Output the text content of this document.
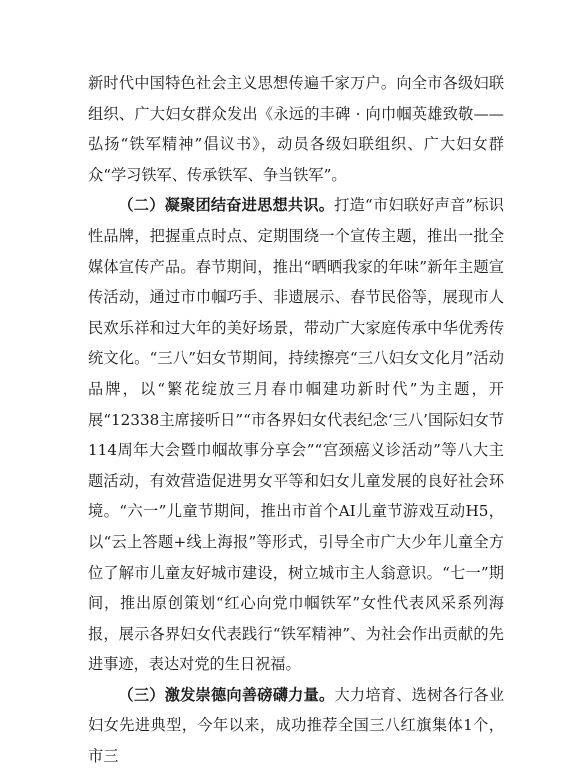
新时代中国特色社会主义思想传遍千家万户。向全市各级妇联组织、广大妇女群众发出《永远的丰碑 · 向巾帼英雄致敬——弘扬“铁军精神”倡议书》，动员各级妇联组织、广大妇女群众“学习铁军、传承铁军、争当铁军”。

（二）凝聚团结奋进思想共识。打造“市妇联好声音”标识性品牌，把握重点时点、定期围绕一个宣传主题，推出一批全媒体宣传产品。春节期间，推出“晒晒我家的年味”新年主题宣传活动，通过市巾帼巧手、非遗展示、春节民俗等，展现市人民欢乐祥和过大年的美好场景，带动广大家庭传承中华优秀传统文化。“三八”妇女节期间，持续擦亮“三八妇女文化月”活动品牌，以“繁花绽放三月春巾帼建功新时代”为主题，开展“12338主席接听日”“市各界妇女代表纪念‘三八’国际妇女节114周年大会暨巾帼故事分享会”“宫颈癌义诊活动”等八大主题活动，有效营造促进男女平等和妇女儿童发展的良好社会环境。“六一”儿童节期间，推出市首个AI儿童节游戏互动H5，以“云上答题+线上海报”等形式，引导全市广大少年儿童全方位了解市儿童友好城市建设，树立城市主人翁意识。“七一”期间，推出原创策划“红心向党巾帼铁军”女性代表风采系列海报，展示各界妇女代表践行“铁军精神”、为社会作出贡献的先进事迹，表达对党的生日祝福。

（三）激发崇德向善磅礴力量。大力培育、选树各行各业妇女先进典型，今年以来，成功推荐全国三八红旗集体1个，市三
